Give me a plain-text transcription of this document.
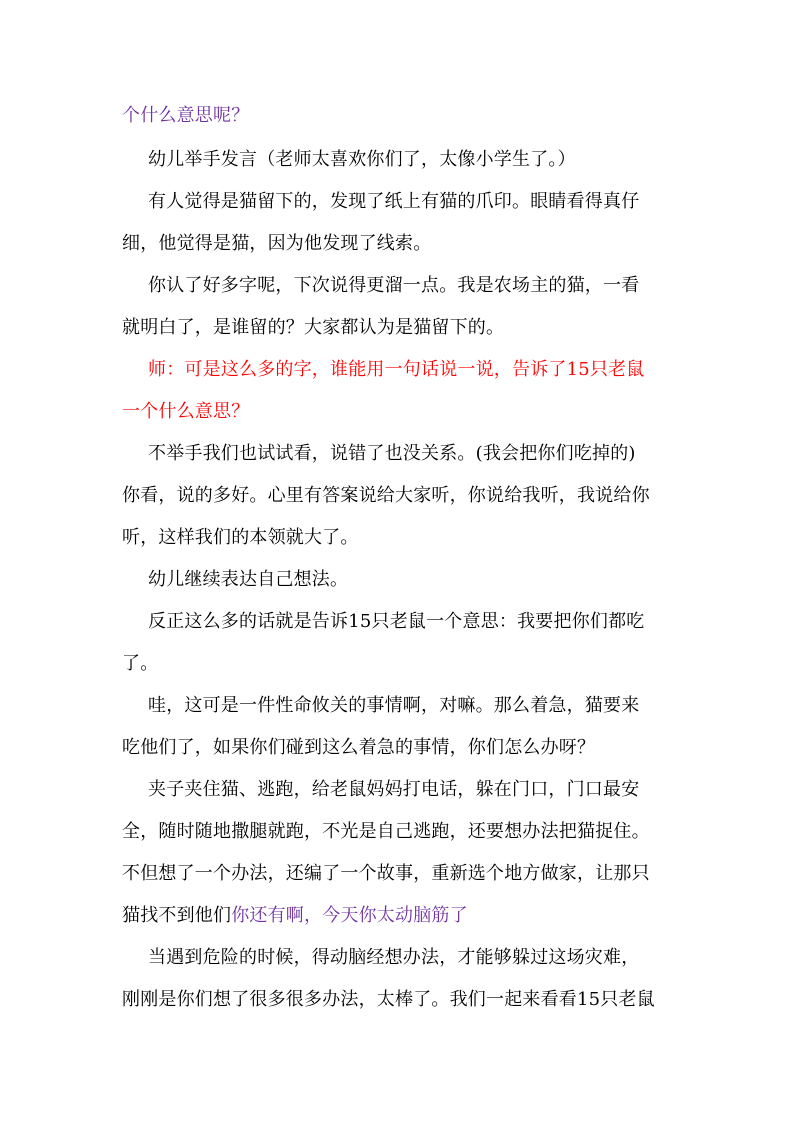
个什么意思呢？
幼儿举手发言（老师太喜欢你们了，太像小学生了。）
有人觉得是猫留下的，发现了纸上有猫的爪印。眼睛看得真仔
细，他觉得是猫，因为他发现了线索。
你认了好多字呢，下次说得更溜一点。我是农场主的猫，一看
就明白了，是谁留的？大家都认为是猫留下的。
师：可是这么多的字，谁能用一句话说一说，告诉了15只老鼠
一个什么意思？
不举手我们也试试看，说错了也没关系。(我会把你们吃掉的)
你看，说的多好。心里有答案说给大家听，你说给我听，我说给你
听，这样我们的本领就大了。
幼儿继续表达自己想法。
反正这么多的话就是告诉15只老鼠一个意思：我要把你们都吃
了。
哇，这可是一件性命攸关的事情啊，对嘛。那么着急，猫要来
吃他们了，如果你们碰到这么着急的事情，你们怎么办呀？
夹子夹住猫、逃跑，给老鼠妈妈打电话，躲在门口，门口最安
全，随时随地撒腿就跑，不光是自己逃跑，还要想办法把猫捉住。
不但想了一个办法，还编了一个故事，重新选个地方做家，让那只
猫找不到他们你还有啊，今天你太动脑筋了
当遇到危险的时候，得动脑经想办法，才能够躲过这场灾难，
刚刚是你们想了很多很多办法，太棒了。我们一起来看看15只老鼠
